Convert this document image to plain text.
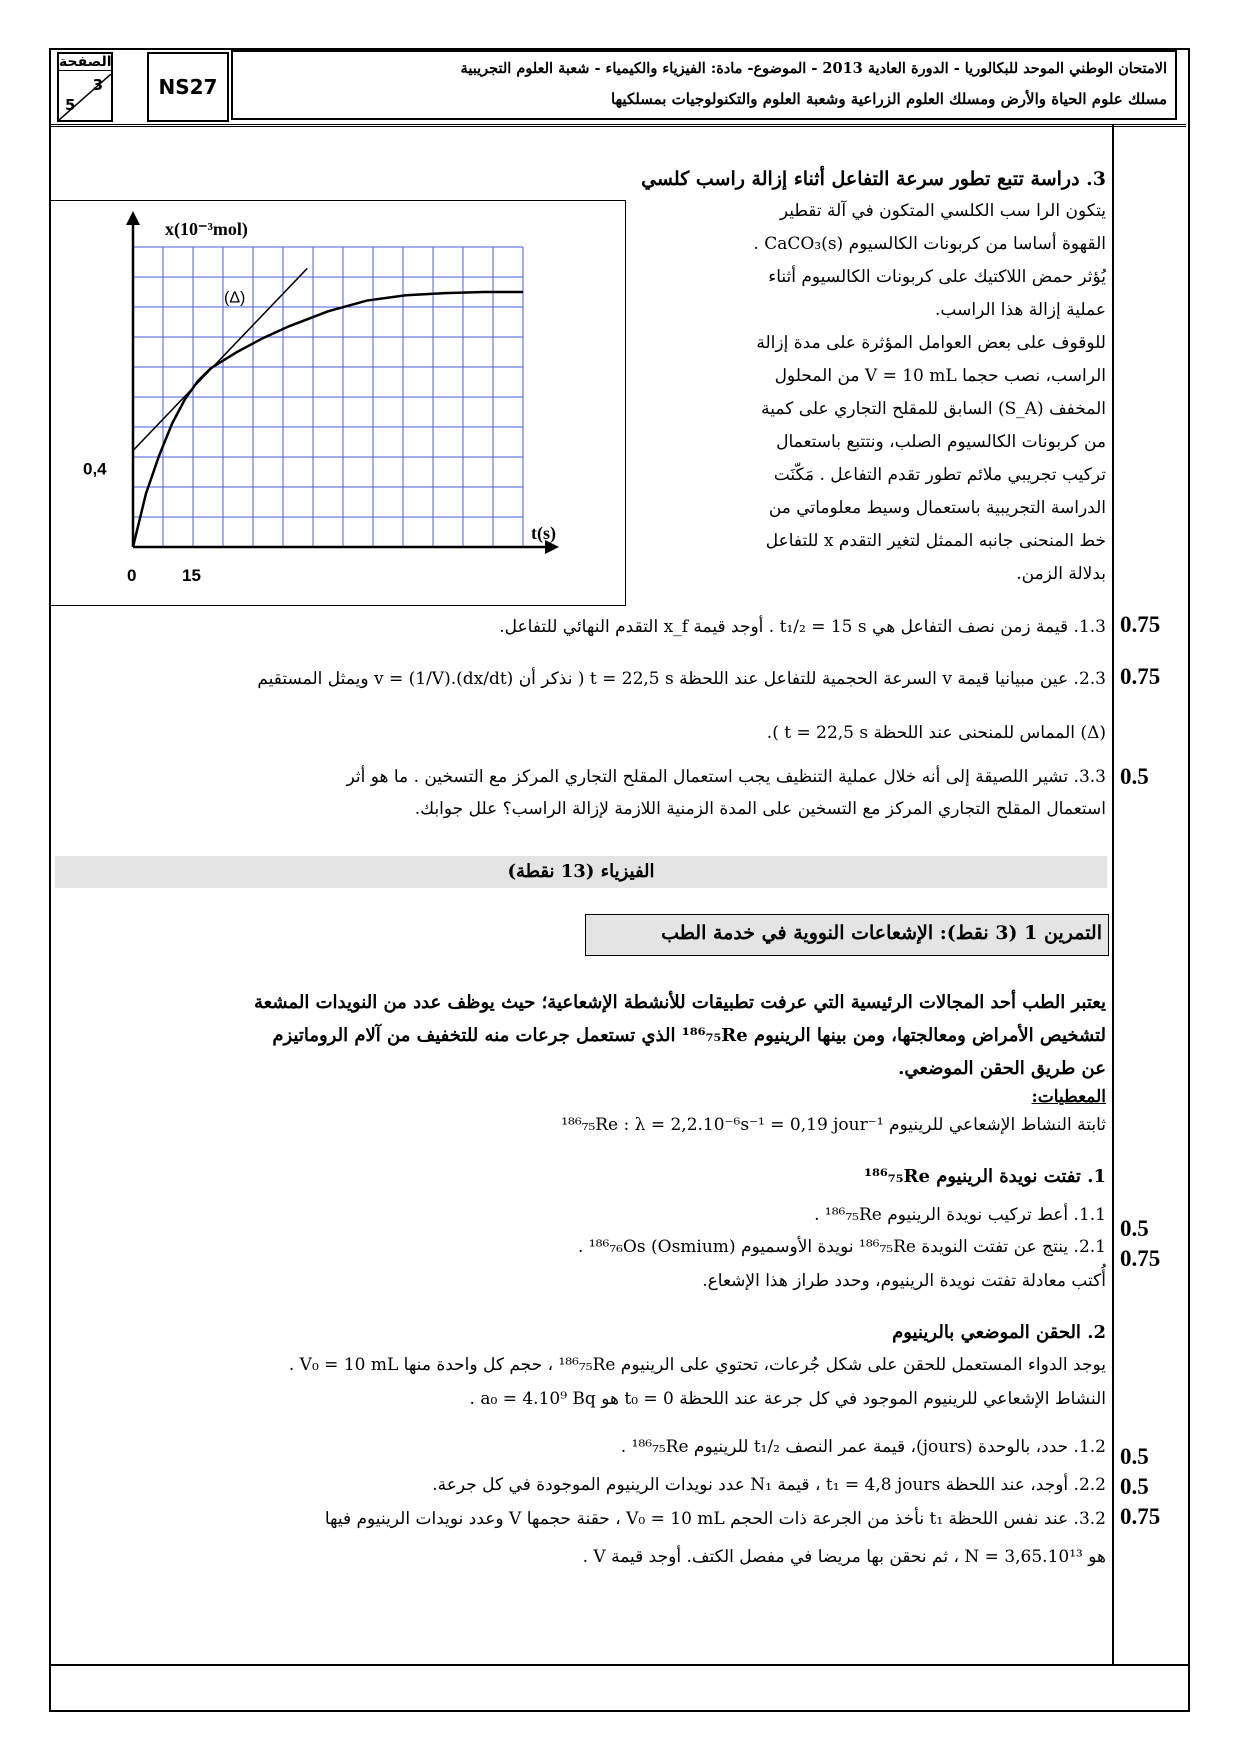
الصفحة
3
5
NS27
الامتحان الوطني الموحد للبكالوريا - الدورة العادية 2013 - الموضوع- مادة: الفيزياء والكيمياء - شعبة العلوم التجريبية
مسلك علوم الحياة والأرض ومسلك العلوم الزراعية وشعبة العلوم والتكنولوجيات بمسلكيها
3. دراسة تتبع تطور سرعة التفاعل أثناء إزالة راسب كلسي
يتكون الرا سب الكلسي المتكون في آلة تقطير
القهوة أساسا من كربونات الكالسيوم CaCO₃(s) .
يُؤثر حمض اللاكتيك على كربونات الكالسيوم أثناء
عملية إزالة هذا الراسب.
للوقوف على بعض العوامل المؤثرة على مدة إزالة
الراسب، نصب حجما V = 10 mL من المحلول
المخفف (S_A) السابق للمقلح التجاري على كمية
من كربونات الكالسيوم الصلب، ونتتبع باستعمال
تركيب تجريبي ملائم تطور تقدم التفاعل . مَكّنَت
الدراسة التجريبية باستعمال وسيط معلوماتي من
خط المنحنى جانبه الممثل لتغير التقدم x للتفاعل
بدلالة الزمن.
x(10⁻³mol)
t(s)
(Δ)
0	15
0,4
1.3. قيمة زمن نصف التفاعل هي t₁/₂ = 15 s . أوجد قيمة x_f التقدم النهائي للتفاعل. 0.75
2.3. عين مبيانيا قيمة v السرعة الحجمية للتفاعل عند اللحظة t = 22,5 s ( نذكر أن v = (1/V).(dx/dt) ويمثل المستقيم
(Δ) المماس للمنحنى عند اللحظة t = 22,5 s ).
0.75
3.3. تشير اللصيقة إلى أنه خلال عملية التنظيف يجب استعمال المقلح التجاري المركز مع التسخين . ما هو أثر
استعمال المقلح التجاري المركز مع التسخين على المدة الزمنية اللازمة لإزالة الراسب؟ علل جوابك.
0.5
الفيزياء (13 نقطة)
التمرين 1 (3 نقط): الإشعاعات النووية في خدمة الطب
يعتبر الطب أحد المجالات الرئيسية التي عرفت تطبيقات للأنشطة الإشعاعية؛ حيث يوظف عدد من النويدات المشعة
لتشخيص الأمراض ومعالجتها، ومن بينها الرينيوم ¹⁸⁶₇₅Re الذي تستعمل جرعات منه للتخفيف من آلام الروماتيزم
عن طريق الحقن الموضعي.
المعطيات:
ثابتة النشاط الإشعاعي للرينيوم ¹⁸⁶₇₅Re : λ = 2,2.10⁻⁶s⁻¹ = 0,19 jour⁻¹
1. تفتت نويدة الرينيوم ¹⁸⁶₇₅Re
1.1. أعط تركيب نويدة الرينيوم ¹⁸⁶₇₅Re .
0.5
2.1. ينتج عن تفتت النويدة ¹⁸⁶₇₅Re نويدة الأوسميوم (Osmium) ¹⁸⁶₇₆Os . 0.75
أُكتب معادلة تفتت نويدة الرينيوم، وحدد طراز هذا الإشعاع.
2. الحقن الموضعي بالرينيوم
يوجد الدواء المستعمل للحقن على شكل جُرعات، تحتوي على الرينيوم ¹⁸⁶₇₅Re ، حجم كل واحدة منها V₀ = 10 mL .
النشاط الإشعاعي للرينيوم الموجود في كل جرعة عند اللحظة t₀ = 0 هو a₀ = 4.10⁹ Bq .
1.2. حدد، بالوحدة (jours)، قيمة عمر النصف t₁/₂ للرينيوم ¹⁸⁶₇₅Re . 0.5
2.2. أوجد، عند اللحظة t₁ = 4,8 jours ، قيمة N₁ عدد نويدات الرينيوم الموجودة في كل جرعة. 0.5
3.2. عند نفس اللحظة t₁ نأخذ من الجرعة ذات الحجم V₀ = 10 mL ، حقنة حجمها V وعدد نويدات الرينيوم فيها 0.75
هو N = 3,65.10¹³ ، ثم نحقن بها مريضا في مفصل الكتف. أوجد قيمة V .
